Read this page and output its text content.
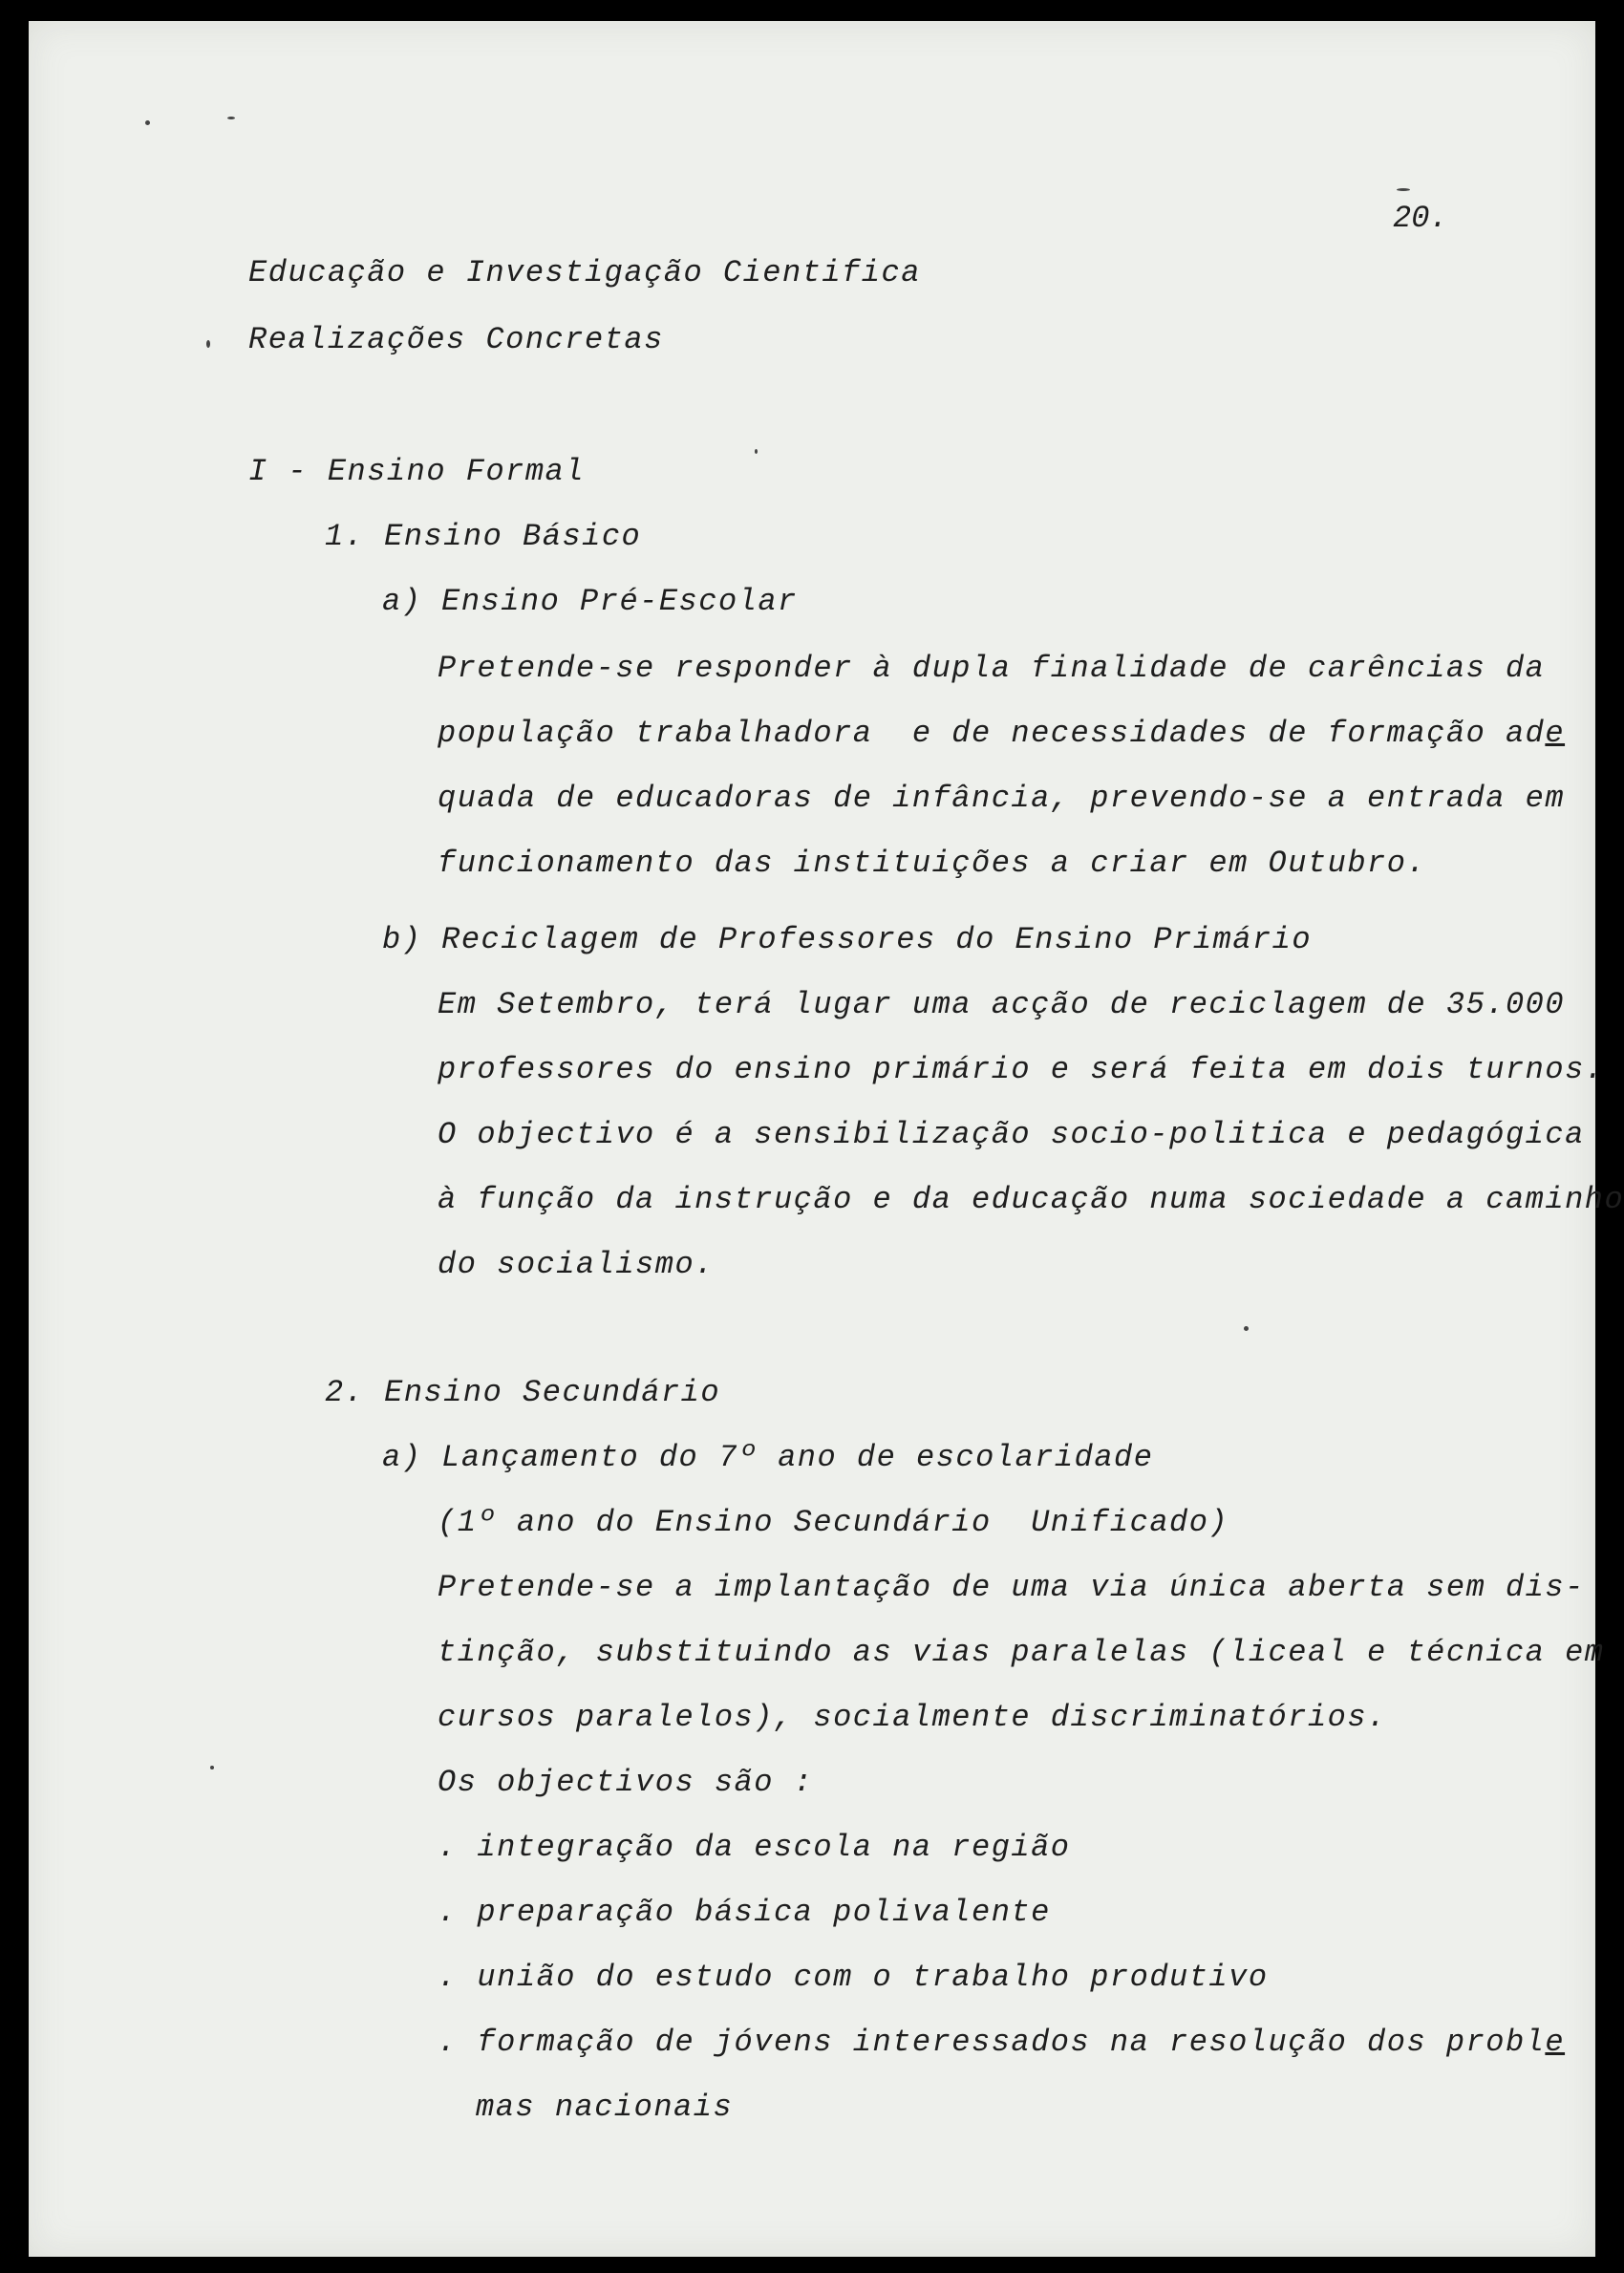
20.
Educação e Investigação Cientifica
Realizações Concretas
I - Ensino Formal
1. Ensino Básico
a) Ensino Pré-Escolar
Pretende-se responder à dupla finalidade de carências da
população trabalhadora  e de necessidades de formação ade
quada de educadoras de infância, prevendo-se a entrada em
funcionamento das instituições a criar em Outubro.
b) Reciclagem de Professores do Ensino Primário
Em Setembro, terá lugar uma acção de reciclagem de 35.000
professores do ensino primário e será feita em dois turnos.
O objectivo é a sensibilização socio-politica e pedagógica
à função da instrução e da educação numa sociedade a caminho
do socialismo.
2. Ensino Secundário
a) Lançamento do 7º ano de escolaridade
(1º ano do Ensino Secundário  Unificado)
Pretende-se a implantação de uma via única aberta sem dis-
tinção, substituindo as vias paralelas (liceal e técnica em
cursos paralelos), socialmente discriminatórios.
Os objectivos são :
. integração da escola na região
. preparação básica polivalente
. união do estudo com o trabalho produtivo
. formação de jóvens interessados na resolução dos proble
mas nacionais
